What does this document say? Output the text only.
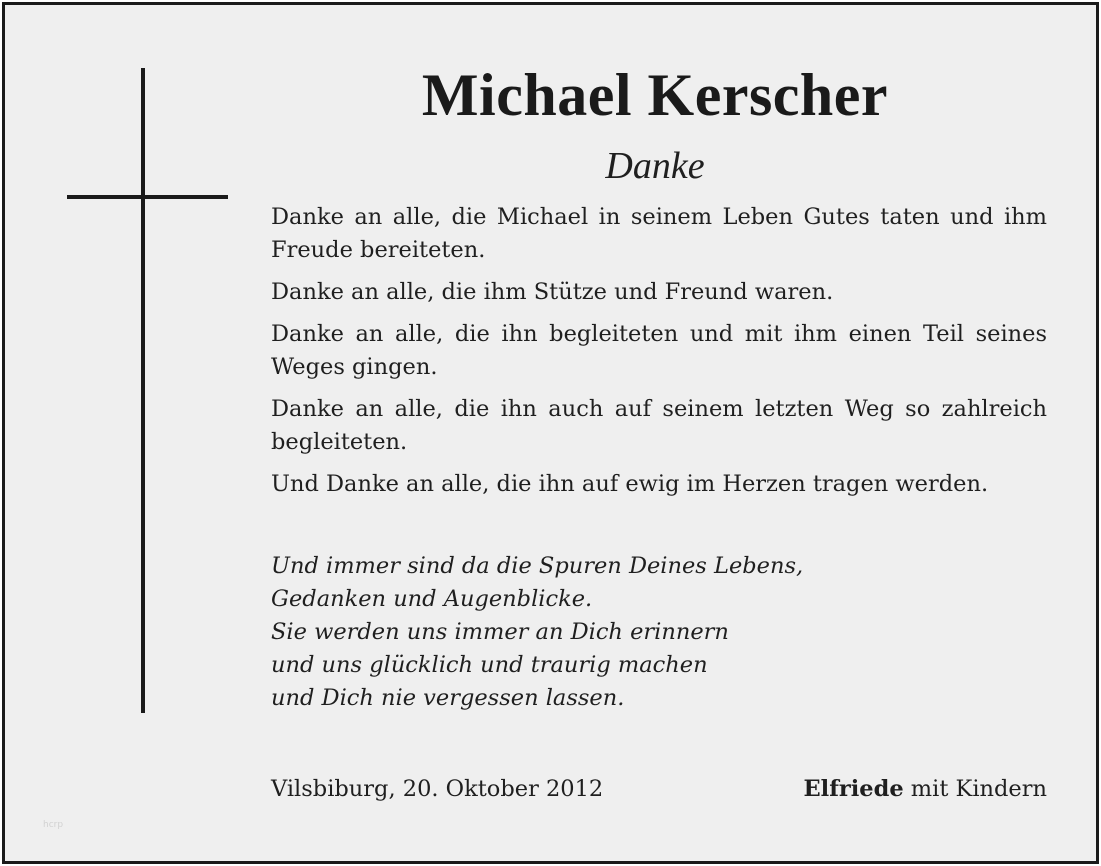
Michael Kerscher
Danke

Danke an alle, die Michael in seinem Leben Gutes taten und ihm Freude bereiteten.

Danke an alle, die ihm Stütze und Freund waren.

Danke an alle, die ihn begleiteten und mit ihm einen Teil seines Weges gingen.

Danke an alle, die ihn auch auf seinem letzten Weg so zahlreich begleiteten.

Und Danke an alle, die ihn auf ewig im Herzen tragen werden.

Und immer sind da die Spuren Deines Lebens,
Gedanken und Augenblicke.
Sie werden uns immer an Dich erinnern
und uns glücklich und traurig machen
und Dich nie vergessen lassen.
Vilsbiburg, 20. Oktober 2012	Elfriede mit Kindern
hcrp
